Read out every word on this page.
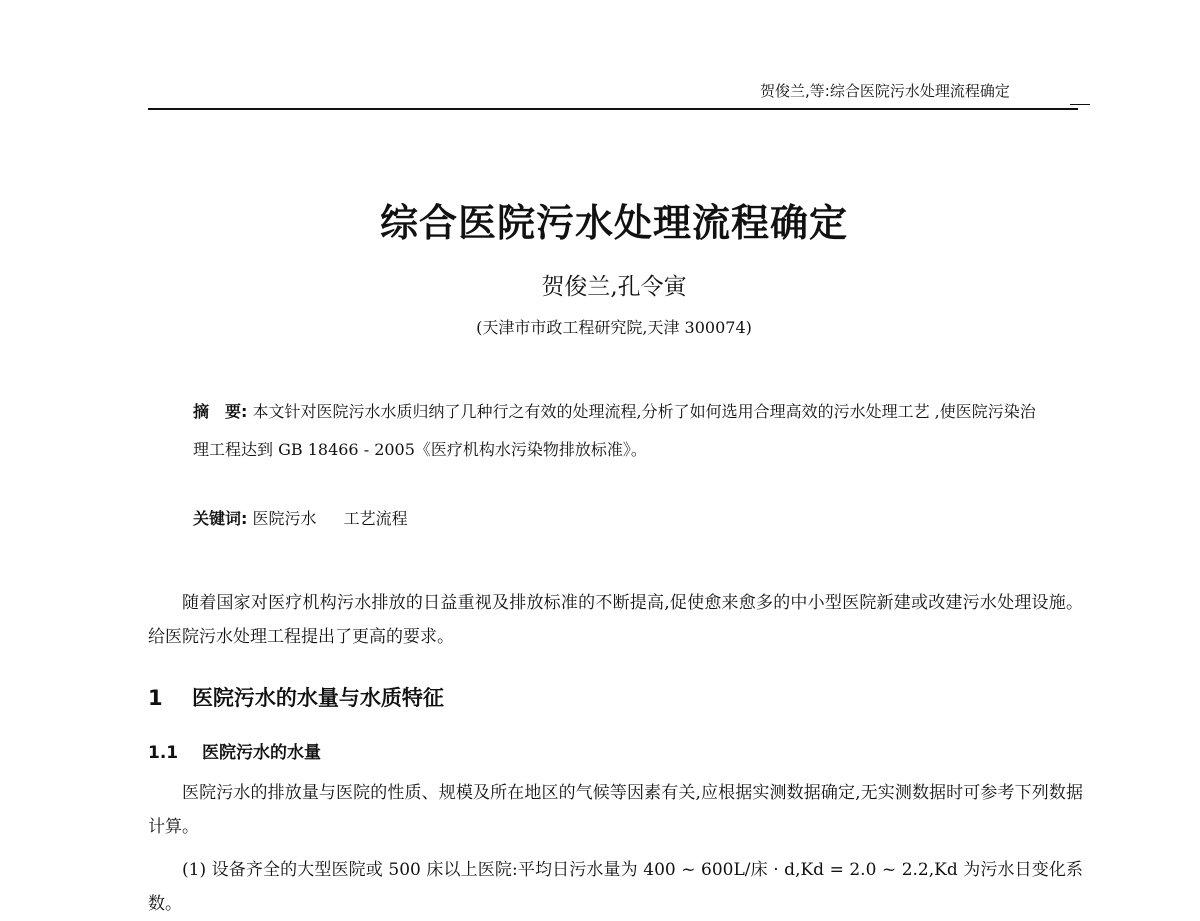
贺俊兰,等:综合医院污水处理流程确定
综合医院污水处理流程确定
贺俊兰,孔令寅
(天津市市政工程研究院,天津 300074)
摘　要: 本文针对医院污水水质归纳了几种行之有效的处理流程,分析了如何选用合理高效的污水处理工艺 ,使医院污染治理工程达到 GB 18466 - 2005《医疗机构水污染物排放标准》。
关键词: 医院污水 工艺流程
随着国家对医疗机构污水排放的日益重视及排放标准的不断提高,促使愈来愈多的中小型医院新建或改建污水处理设施。给医院污水处理工程提出了更高的要求。
1 医院污水的水量与水质特征
1.1 医院污水的水量
医院污水的排放量与医院的性质、规模及所在地区的气候等因素有关,应根据实测数据确定,无实测数据时可参考下列数据计算。
(1) 设备齐全的大型医院或 500 床以上医院:平均日污水量为 400 ~ 600L/床 · d,Kd = 2.0 ~ 2.2,Kd 为污水日变化系数。
